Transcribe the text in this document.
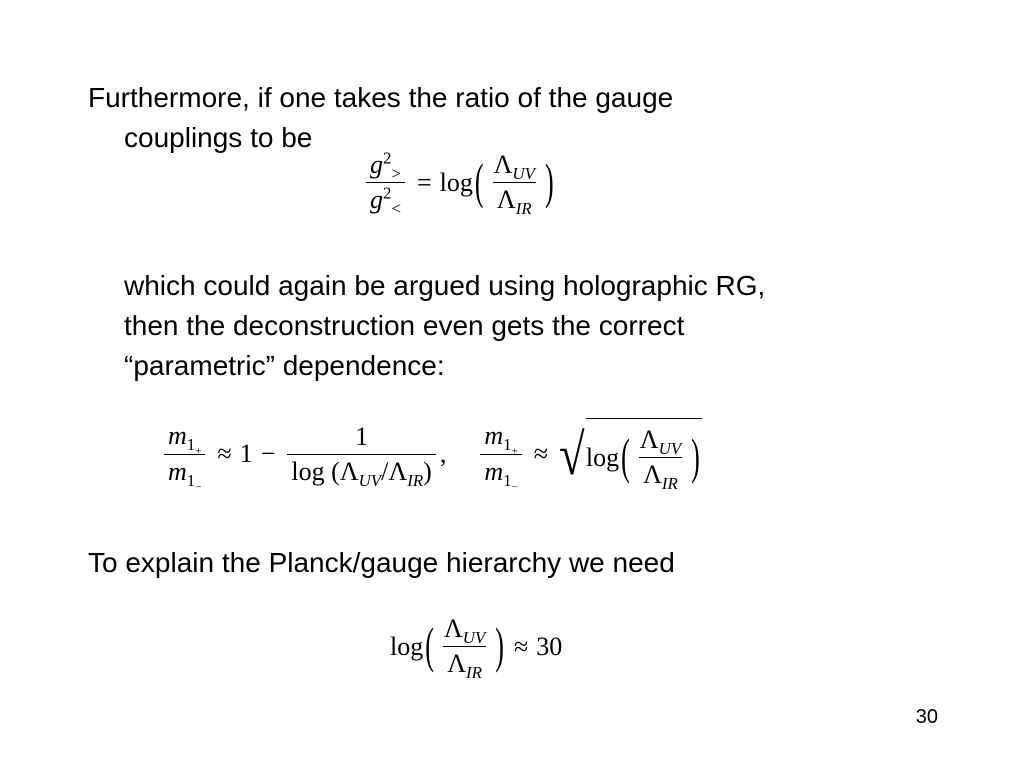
Furthermore, if one takes the ratio of the gauge
couplings to be
$\frac{g^2_>}{g^2_<} = \log$ ( $\frac{\Lambda_{UV}}{\Lambda_{IR}}$ )
which could again be argued using holographic RG,
then the deconstruction even gets the correct
“parametric” dependence:
$\frac{m_{1_+}}{m_{1_-}} \approx 1 - \frac{1}{\log (\Lambda_{UV}/\Lambda_{IR})}$ , $\frac{m_{1_+}}{m_{1_-}}$ ≈ √ log ( $\frac{\Lambda_{UV}}{\Lambda_{IR}}$ )
To explain the Planck/gauge hierarchy we need
log ( $\frac{\Lambda_{UV}}{\Lambda_{IR}}$ ) ≈ 30
30
